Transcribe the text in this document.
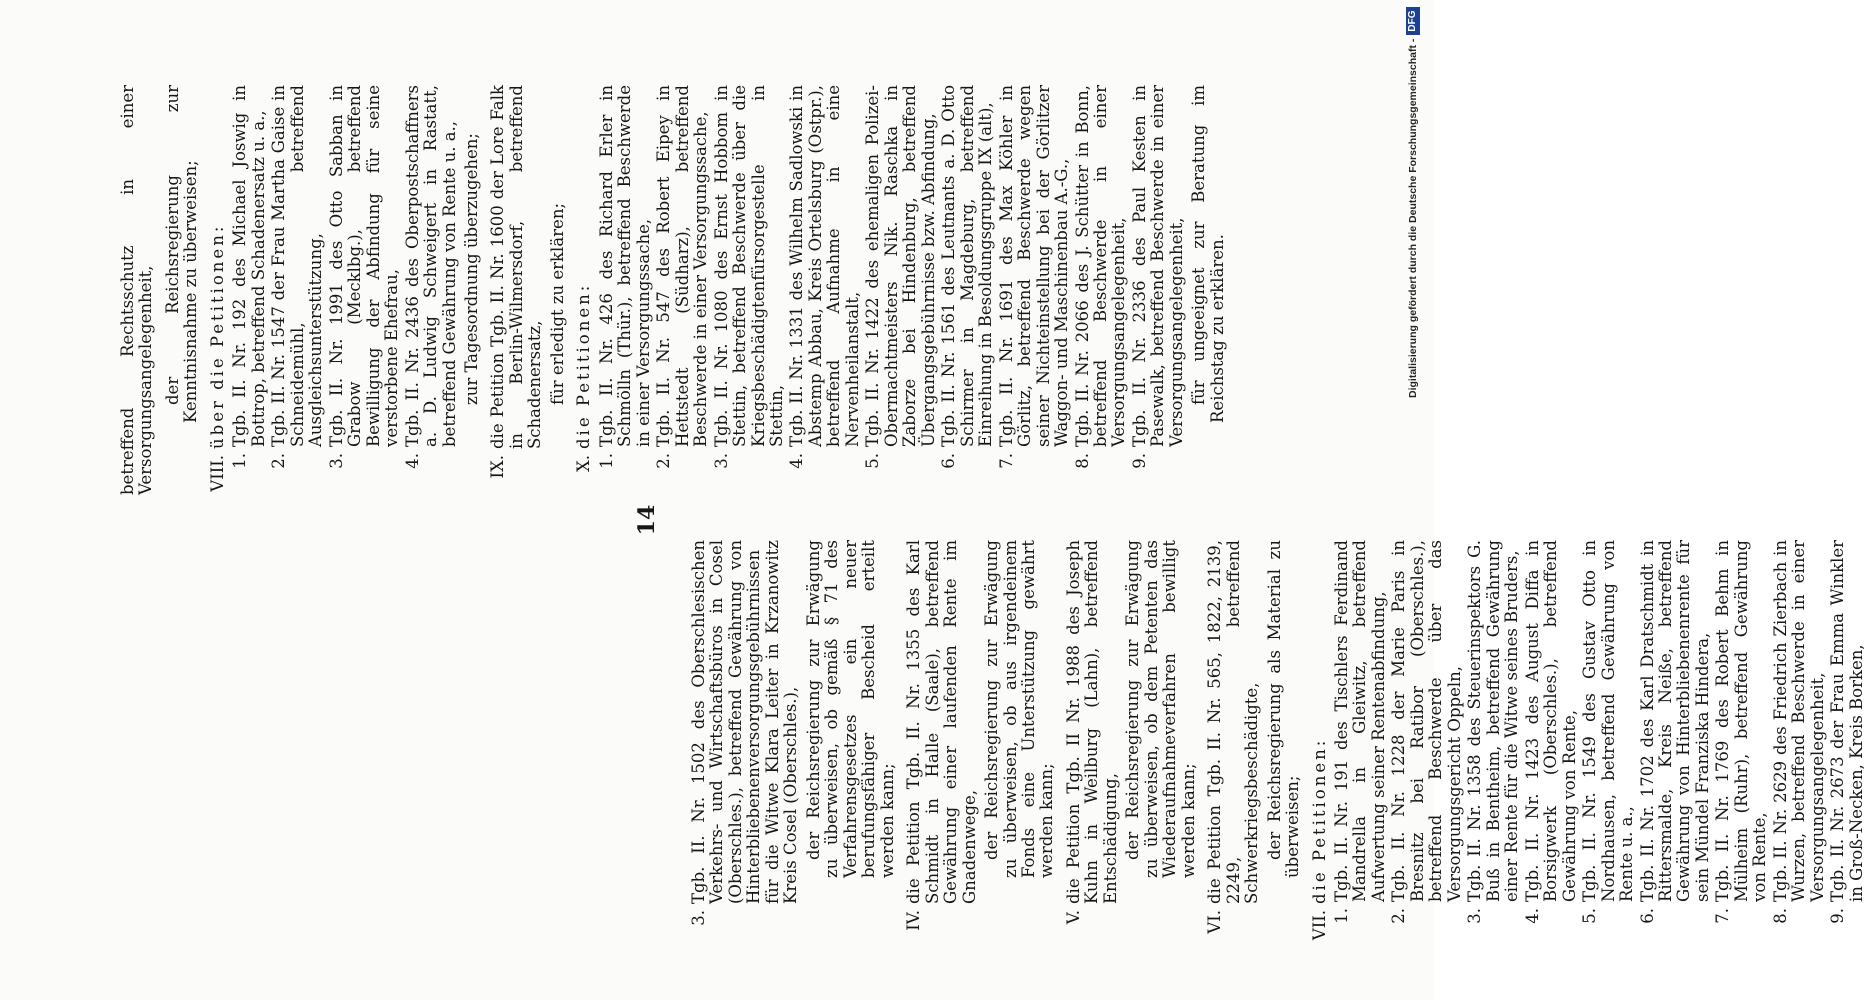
14
3.
Tgb. II. Nr. 1502 des Oberschlesischen Verkehrs- und Wirtschaftsbüros in Cosel (Oberschles.), betreffend Gewährung von Hinterbliebenenversorgungsgebührnissen für die Witwe Klara Leiter in Krzanowitz Kreis Cosel (Oberschles.), der Reichsregierung zur Erwägung zu überweisen, ob gemäß § 71 des Verfahrensgesetzes ein neuer berufungsfähiger Bescheid erteilt werden kann;
IV.
die Petition Tgb. II. Nr. 1355 des Karl Schmidt in Halle (Saale), betreffend Gewährung einer laufenden Rente im Gnadenwege, der Reichsregierung zur Erwägung zu überweisen, ob aus irgendeinem Fonds eine Unterstützung gewährt werden kann;
V.
die Petition Tgb. II Nr. 1988 des Joseph Kuhn in Weilburg (Lahn), betreffend Entschädigung, der Reichsregierung zur Erwägung zu überweisen, ob dem Petenten das Wiederaufnahmeverfahren bewilligt werden kann;
VI.
die Petition Tgb. II. Nr. 565, 1822, 2139, 2249, betreffend Schwerkriegsbeschädigte, der Reichsregierung als Material zu überweisen;
VII.
die Petitionen:
1.
Tgb. II. Nr. 191 des Tischlers Ferdinand Mandrella in Gleiwitz, betreffend Aufwertung seiner Rentenabfindung,
2.
Tgb. II. Nr. 1228 der Marie Paris in Bresnitz bei Ratibor (Oberschles.), betreffend Beschwerde über das Versorgungsgericht Oppeln,
3.
Tgb. II. Nr. 1358 des Steuerinspektors G. Buß in Bentheim, betreffend Gewährung einer Rente für die Witwe seines Bruders,
4.
Tgb. II. Nr. 1423 des August Diffa in Borsigwerk (Oberschles.), betreffend Gewährung von Rente,
5.
Tgb. II. Nr. 1549 des Gustav Otto in Nordhausen, betreffend Gewährung von Rente u. a.,
6.
Tgb. II. Nr. 1702 des Karl Dratschmidt in Rittersmalde, Kreis Neiße, betreffend Gewährung von Hinterbliebenenrente für sein Mündel Franziska Hindera,
7.
Tgb. II. Nr. 1769 des Robert Behm in Mülheim (Ruhr), betreffend Gewährung von Rente,
8.
Tgb. II. Nr. 2629 des Friedrich Zierbach in Wurzen, betreffend Beschwerde in einer Versorgungsangelegenheit,
9.
Tgb. II. Nr. 2673 der Frau Emma Winkler in Groß-Necken, Kreis Borken,
betreffend Rechtsschutz in einer Versorgungsangelegenheit, der Reichsregierung zur Kenntnisnahme zu überweisen;
VIII.
über die Petitionen:
1.
Tgb. II. Nr. 192 des Michael Joswig in Bottrop, betreffend Schadenersatz u. a.,
2.
Tgb. II. Nr. 1547 der Frau Martha Gaise in Schneidemühl, betreffend Ausgleichsunterstützung,
3.
Tgb. II. Nr. 1991 des Otto Sabban in Grabow (Mecklbg.), betreffend Bewilligung der Abfindung für seine verstorbene Ehefrau,
4.
Tgb. II. Nr. 2436 des Oberpostschaffners a. D. Ludwig Schweigert in Rastatt, betreffend Gewährung von Rente u. a., zur Tagesordnung überzugehen;
IX.
die Petition Tgb. II. Nr. 1600 der Lore Falk in Berlin-Wilmersdorf, betreffend Schadenersatz, für erledigt zu erklären;
X.
die Petitionen:
1.
Tgb. II. Nr. 426 des Richard Erler in Schmölln (Thür.), betreffend Beschwerde in einer Versorgungssache,
2.
Tgb. II. Nr. 547 des Robert Eipey in Hettstedt (Südharz), betreffend Beschwerde in einer Versorgungssache,
3.
Tgb. II. Nr. 1080 des Ernst Hobbom in Stettin, betreffend Beschwerde über die Kriegsbeschädigtenfürsorgestelle in Stettin,
4.
Tgb. II. Nr. 1331 des Wilhelm Sadlowski in Abstemp Abbau, Kreis Ortelsburg (Ostpr.), betreffend Aufnahme in eine Nervenheilanstalt,
5.
Tgb. II. Nr. 1422 des ehemaligen Polizei-Obermachtmeisters Nik. Raschka in Zaborze bei Hindenburg, betreffend Übergangsgebührnisse bzw. Abfindung,
6.
Tgb. II. Nr. 1561 des Leutnants a. D. Otto Schirmer in Magdeburg, betreffend Einreihung in Besoldungsgruppe IX (alt),
7.
Tgb. II. Nr. 1691 des Max Köhler in Görlitz, betreffend Beschwerde wegen seiner Nichteinstellung bei der Görlitzer Waggon- und Maschinenbau A.-G.,
8.
Tgb. II. Nr. 2066 des J. Schütter in Bonn, betreffend Beschwerde in einer Versorgungsangelegenheit,
9.
Tgb. II. Nr. 2336 des Paul Kesten in Pasewalk, betreffend Beschwerde in einer Versorgungsangelegenheit, für ungeeignet zur Beratung im Reichstag zu erklären.	Digitalisierung gefördert durch die Deutsche Forschungsgemeinschaft -DFG
